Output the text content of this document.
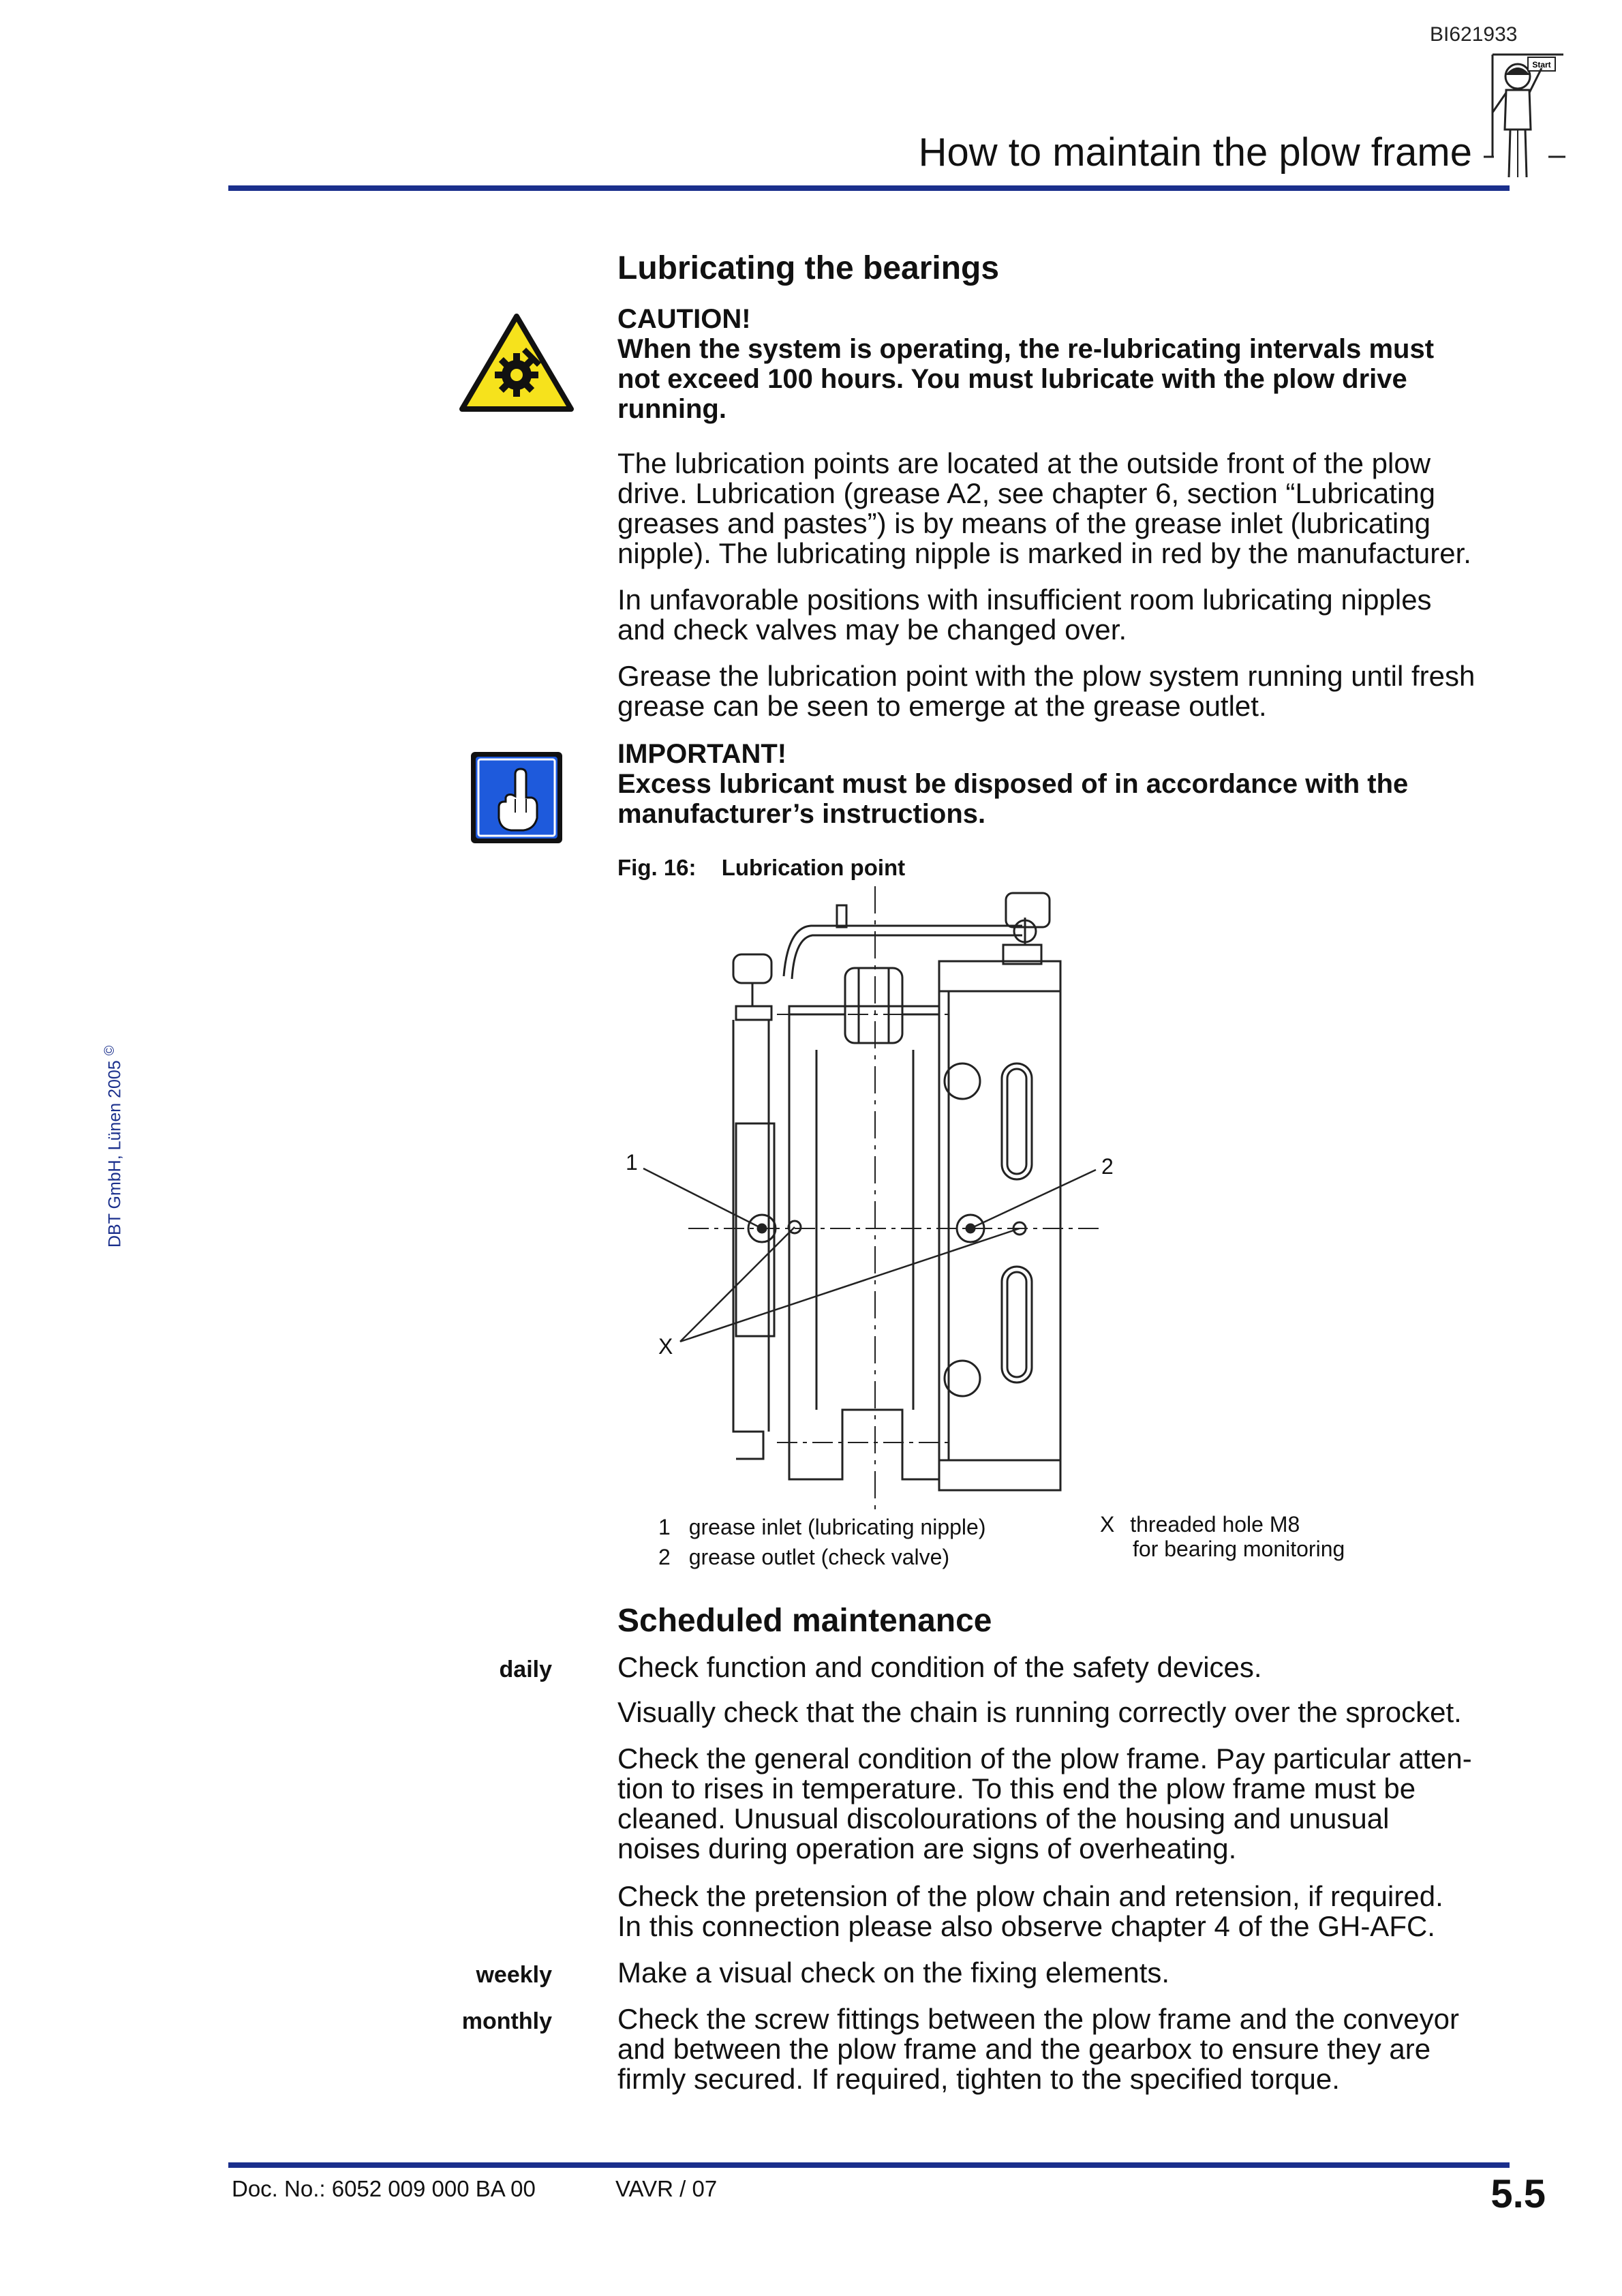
BI621933
Start
How to maintain the plow frame
DBT GmbH, Lünen 2005 ©
Lubricating the bearings
CAUTION!
When the system is operating, the re-lubricating intervals must
not exceed 100 hours. You must lubricate with the plow drive
running.
The lubrication points are located at the outside front of the plow
drive. Lubrication (grease A2, see chapter 6, section “Lubricating
greases and pastes”) is by means of the grease inlet (lubricating
nipple). The lubricating nipple is marked in red by the manufacturer.
In unfavorable positions with insufficient room lubricating nipples
and check valves may be changed over.
Grease the lubrication point with the plow system running until fresh
grease can be seen to emerge at the grease outlet.
IMPORTANT!
Excess lubricant must be disposed of in accordance with the
manufacturer’s instructions.
Fig. 16: Lubrication point
1	2
X
1 grease inlet (lubricating nipple)
2 grease outlet (check valve)
X threaded hole M8
for bearing monitoring
Scheduled maintenance
daily Check function and condition of the safety devices.
Visually check that the chain is running correctly over the sprocket.
Check the general condition of the plow frame. Pay particular atten-
tion to rises in temperature. To this end the plow frame must be
cleaned. Unusual discolourations of the housing and unusual
noises during operation are signs of overheating.
Check the pretension of the plow chain and retension, if required.
In this connection please also observe chapter 4 of the GH-AFC.
weekly Make a visual check on the fixing elements.
monthly Check the screw fittings between the plow frame and the conveyor
and between the plow frame and the gearbox to ensure they are
firmly secured. If required, tighten to the specified torque.
Doc. No.: 6052 009 000 BA 00	VAVR / 07	5.5
